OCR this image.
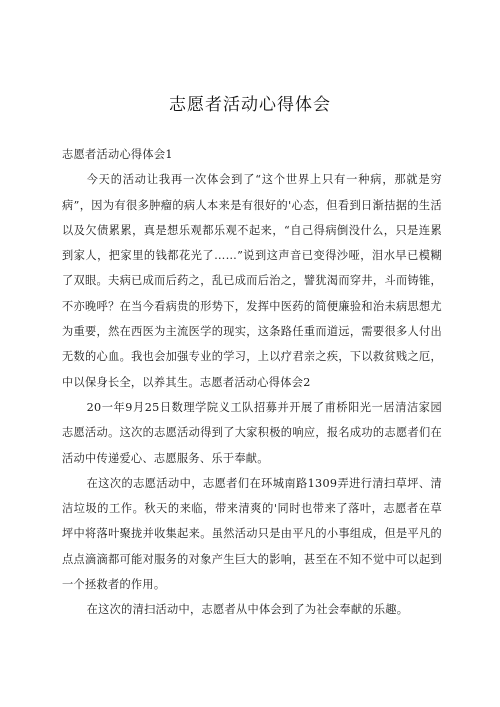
志愿者活动心得体会

志愿者活动心得体会1

今天的活动让我再一次体会到了“这个世界上只有一种病，那就是穷病”，因为有很多肿瘤的病人本来是有很好的'心态，但看到日渐拮据的生活以及欠债累累，真是想乐观都乐观不起来，“自己得病倒没什么，只是连累到家人，把家里的钱都花光了……”说到这声音已变得沙哑，泪水早已模糊了双眼。夫病已成而后药之，乱已成而后治之，譬犹渴而穿井，斗而铸锥，不亦晚呼？在当今看病贵的形势下，发挥中医药的简便廉验和治未病思想尤为重要，然在西医为主流医学的现实，这条路任重而道远，需要很多人付出无数的心血。我也会加强专业的学习，上以疗君亲之疾，下以救贫贱之厄，中以保身长全，以养其生。志愿者活动心得体会2

20一年9月25日数理学院义工队招募并开展了甫桥阳光一居清洁家园志愿活动。这次的志愿活动得到了大家积极的响应，报名成功的志愿者们在活动中传递爱心、志愿服务、乐于奉献。

在这次的志愿活动中，志愿者们在环城南路1309弄进行清扫草坪、清洁垃圾的工作。秋天的来临，带来清爽的'同时也带来了落叶，志愿者在草坪中将落叶聚拢并收集起来。虽然活动只是由平凡的小事组成，但是平凡的点点滴滴都可能对服务的对象产生巨大的影响，甚至在不知不觉中可以起到一个拯救者的作用。

在这次的清扫活动中，志愿者从中体会到了为社会奉献的乐趣。
